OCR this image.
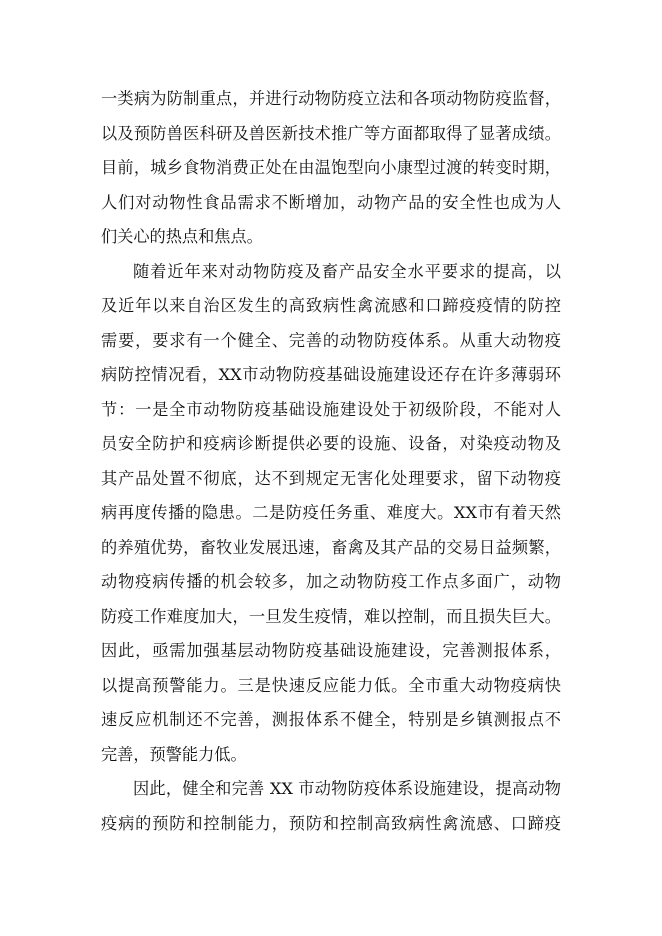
一类病为防制重点，并进行动物防疫立法和各项动物防疫监督，
以及预防兽医科研及兽医新技术推广等方面都取得了显著成绩。
目前，城乡食物消费正处在由温饱型向小康型过渡的转变时期，
人们对动物性食品需求不断增加，动物产品的安全性也成为人
们关心的热点和焦点。
随着近年来对动物防疫及畜产品安全水平要求的提高，以
及近年以来自治区发生的高致病性禽流感和口蹄疫疫情的防控
需要，要求有一个健全、完善的动物防疫体系。从重大动物疫
病防控情况看，XX市动物防疫基础设施建设还存在许多薄弱环
节：一是全市动物防疫基础设施建设处于初级阶段，不能对人
员安全防护和疫病诊断提供必要的设施、设备，对染疫动物及
其产品处置不彻底，达不到规定无害化处理要求，留下动物疫
病再度传播的隐患。二是防疫任务重、难度大。XX市有着天然
的养殖优势，畜牧业发展迅速，畜禽及其产品的交易日益频繁，
动物疫病传播的机会较多，加之动物防疫工作点多面广，动物
防疫工作难度加大，一旦发生疫情，难以控制，而且损失巨大。
因此，亟需加强基层动物防疫基础设施建设，完善测报体系，
以提高预警能力。三是快速反应能力低。全市重大动物疫病快
速反应机制还不完善，测报体系不健全，特别是乡镇测报点不
完善，预警能力低。
因此，健全和完善 XX 市动物防疫体系设施建设，提高动物
疫病的预防和控制能力，预防和控制高致病性禽流感、口蹄疫
